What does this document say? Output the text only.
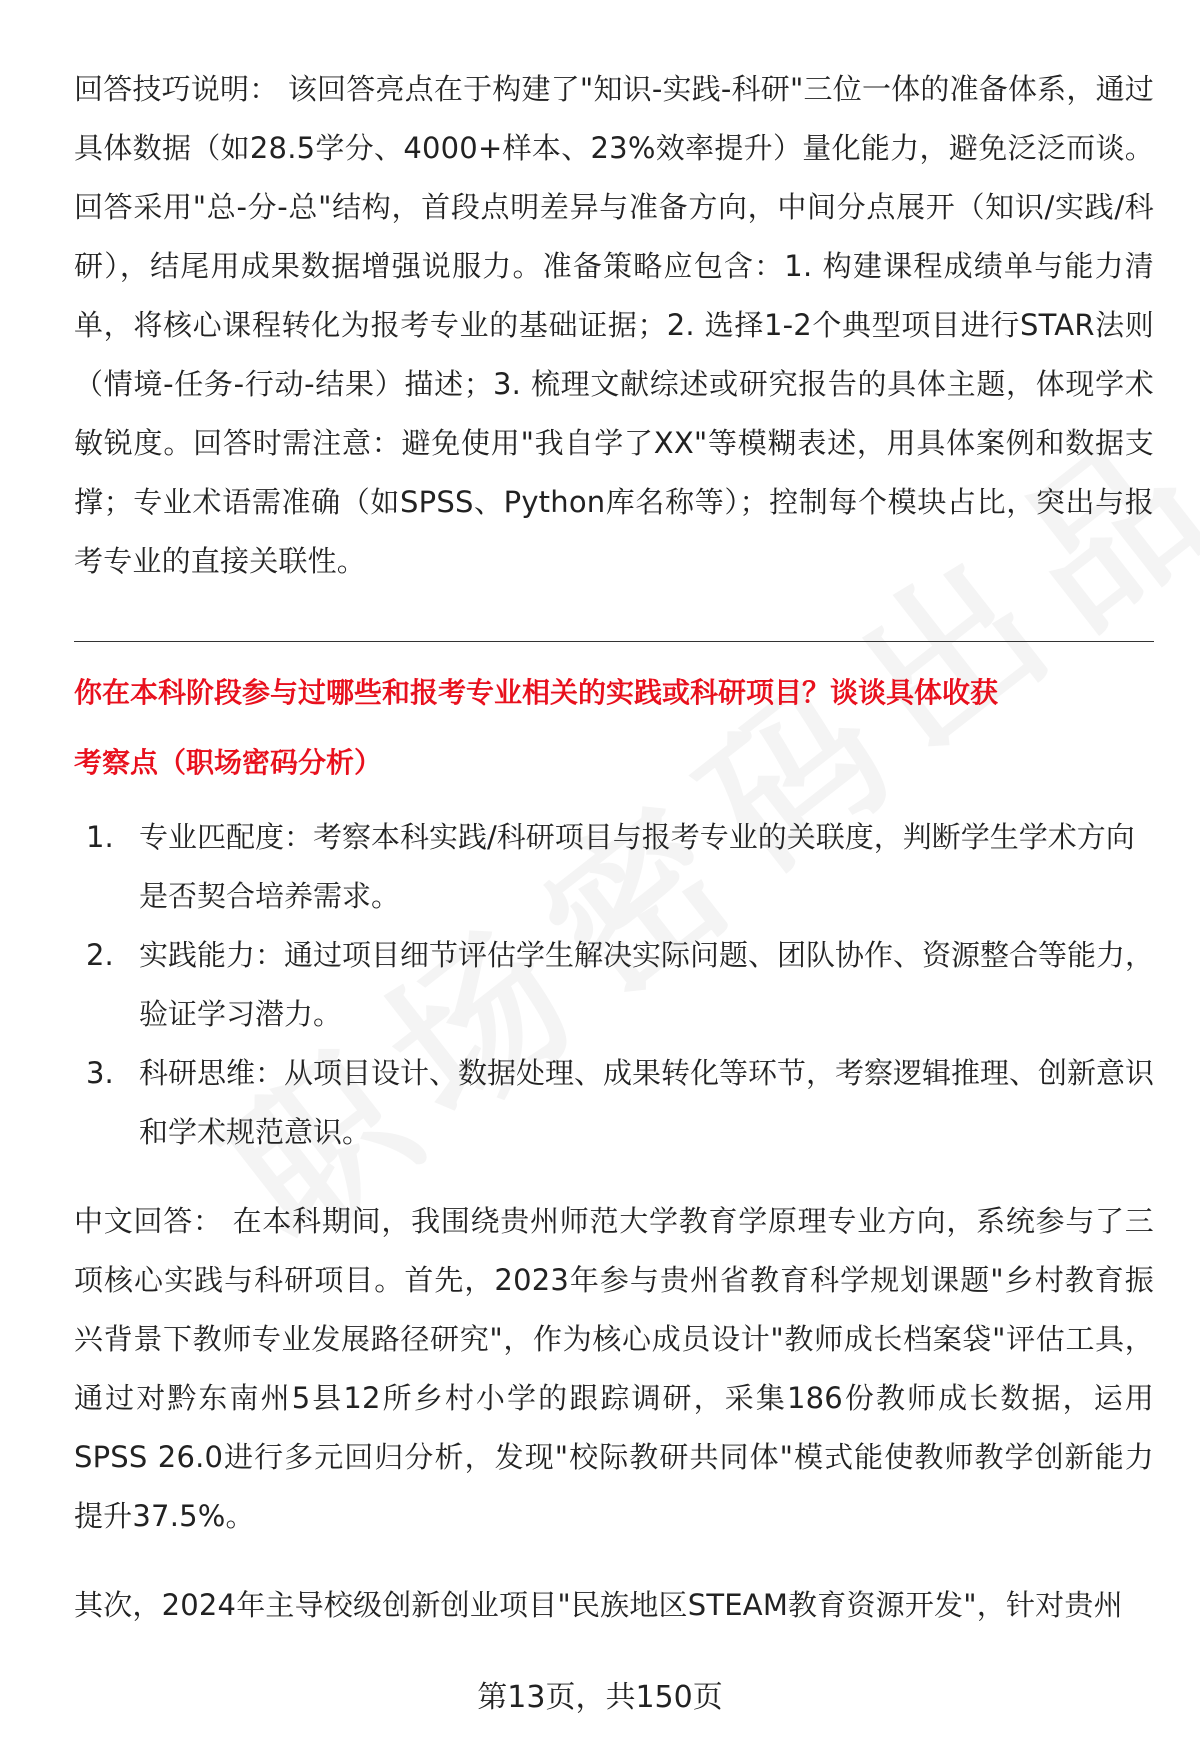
回答技巧说明： 该回答亮点在于构建了"知识-实践-科研"三位一体的准备体系，通过具体数据（如28.5学分、4000+样本、23%效率提升）量化能力，避免泛泛而谈。回答采用"总-分-总"结构，首段点明差异与准备方向，中间分点展开（知识/实践/科研），结尾用成果数据增强说服力。准备策略应包含：1. 构建课程成绩单与能力清单，将核心课程转化为报考专业的基础证据；2. 选择1-2个典型项目进行STAR法则（情境-任务-行动-结果）描述；3. 梳理文献综述或研究报告的具体主题，体现学术敏锐度。回答时需注意：避免使用"我自学了XX"等模糊表述，用具体案例和数据支撑；专业术语需准确（如SPSS、Python库名称等）；控制每个模块占比，突出与报考专业的直接关联性。

你在本科阶段参与过哪些和报考专业相关的实践或科研项目？谈谈具体收获
考察点（职场密码分析）
1. 专业匹配度：考察本科实践/科研项目与报考专业的关联度，判断学生学术方向是否契合培养需求。
2. 实践能力：通过项目细节评估学生解决实际问题、团队协作、资源整合等能力，验证学习潜力。
3. 科研思维：从项目设计、数据处理、成果转化等环节，考察逻辑推理、创新意识和学术规范意识。

中文回答： 在本科期间，我围绕贵州师范大学教育学原理专业方向，系统参与了三项核心实践与科研项目。首先，2023年参与贵州省教育科学规划课题"乡村教育振兴背景下教师专业发展路径研究"，作为核心成员设计"教师成长档案袋"评估工具，通过对黔东南州5县12所乡村小学的跟踪调研，采集186份教师成长数据，运用SPSS 26.0进行多元回归分析，发现"校际教研共同体"模式能使教师教学创新能力提升37.5%。

其次，2024年主导校级创新创业项目"民族地区STEAM教育资源开发"，针对贵州

第13页，共150页
